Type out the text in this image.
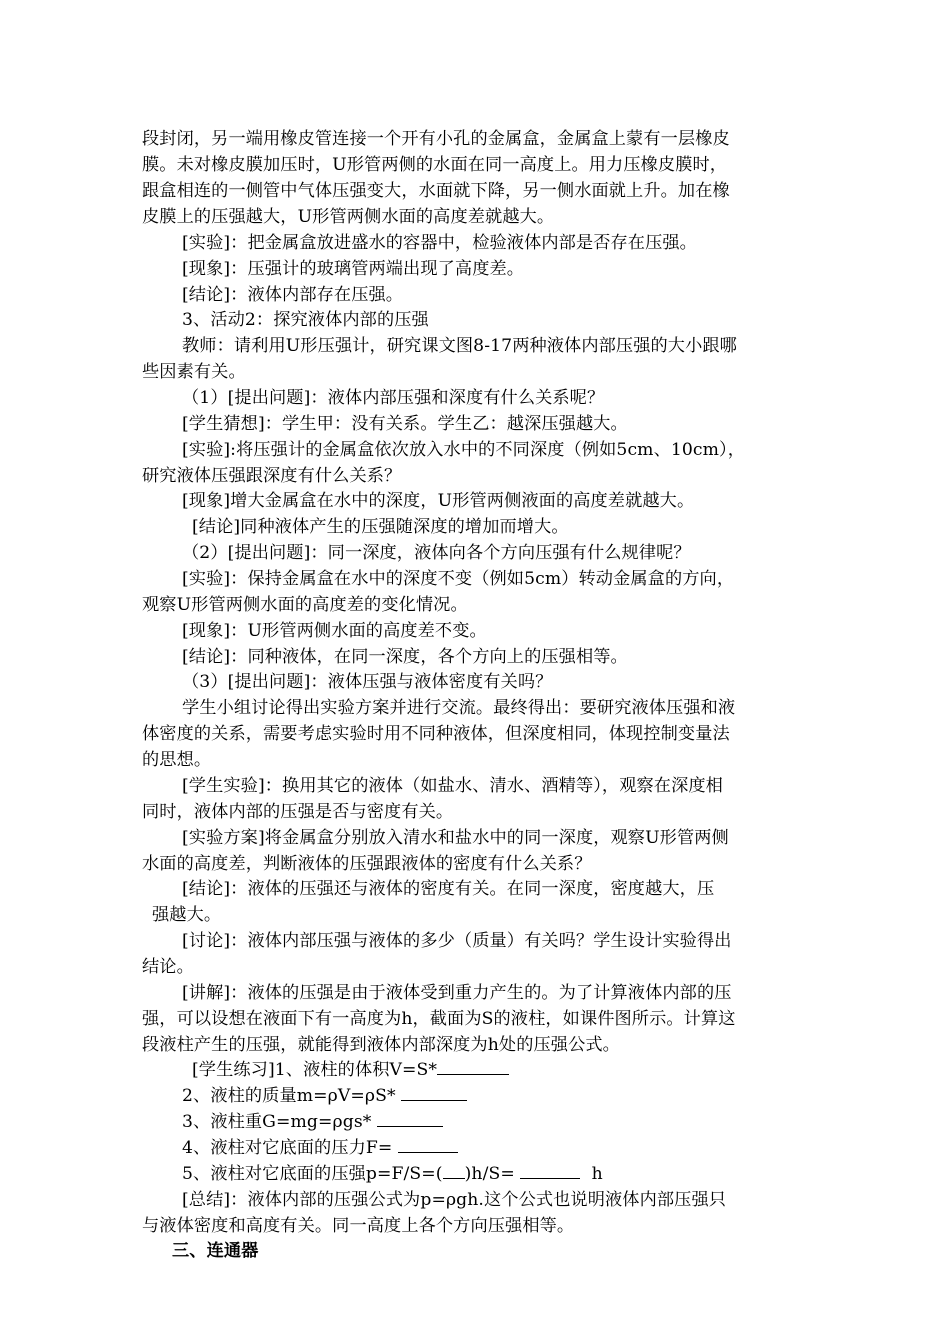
段封闭，另一端用橡皮管连接一个开有小孔的金属盒，金属盒上蒙有一层橡皮
膜。未对橡皮膜加压时，U形管两侧的水面在同一高度上。用力压橡皮膜时，
跟盒相连的一侧管中气体压强变大，水面就下降，另一侧水面就上升。加在橡
皮膜上的压强越大，U形管两侧水面的高度差就越大。
[实验]：把金属盒放进盛水的容器中，检验液体内部是否存在压强。
[现象]：压强计的玻璃管两端出现了高度差。
[结论]：液体内部存在压强。
3、活动2：探究液体内部的压强
教师：请利用U形压强计，研究课文图8-17两种液体内部压强的大小跟哪
些因素有关。
（1）[提出问题]：液体内部压强和深度有什么关系呢？
[学生猜想]：学生甲：没有关系。学生乙：越深压强越大。
[实验]:将压强计的金属盒依次放入水中的不同深度（例如5cm、10cm），
研究液体压强跟深度有什么关系？
[现象]增大金属盒在水中的深度，U形管两侧液面的高度差就越大。
[结论]同种液体产生的压强随深度的增加而增大。
（2）[提出问题]：同一深度，液体向各个方向压强有什么规律呢？
[实验]：保持金属盒在水中的深度不变（例如5cm）转动金属盒的方向，
观察U形管两侧水面的高度差的变化情况。
[现象]：U形管两侧水面的高度差不变。
[结论]：同种液体，在同一深度，各个方向上的压强相等。
（3）[提出问题]：液体压强与液体密度有关吗？
学生小组讨论得出实验方案并进行交流。最终得出：要研究液体压强和液
体密度的关系，需要考虑实验时用不同种液体，但深度相同，体现控制变量法
的思想。
[学生实验]：换用其它的液体（如盐水、清水、酒精等），观察在深度相
同时，液体内部的压强是否与密度有关。
[实验方案]将金属盒分别放入清水和盐水中的同一深度，观察U形管两侧
水面的高度差，判断液体的压强跟液体的密度有什么关系？
[结论]：液体的压强还与液体的密度有关。在同一深度，密度越大，压
强越大。
[讨论]：液体内部压强与液体的多少（质量）有关吗？学生设计实验得出
结论。
[讲解]：液体的压强是由于液体受到重力产生的。为了计算液体内部的压
强，可以设想在液面下有一高度为h，截面为S的液柱，如课件图所示。计算这
段液柱产生的压强，就能得到液体内部深度为h处的压强公式。
[学生练习]1、液柱的体积V=S*
2、液柱的质量m=ρV=ρS*
3、液柱重G=mg=ρgs*
4、液柱对它底面的压力F=
5、液柱对它底面的压强p=F/S=( )h/S=	h
[总结]：液体内部的压强公式为p=ρgh.这个公式也说明液体内部压强只
与液体密度和高度有关。同一高度上各个方向压强相等。
三、连通器
